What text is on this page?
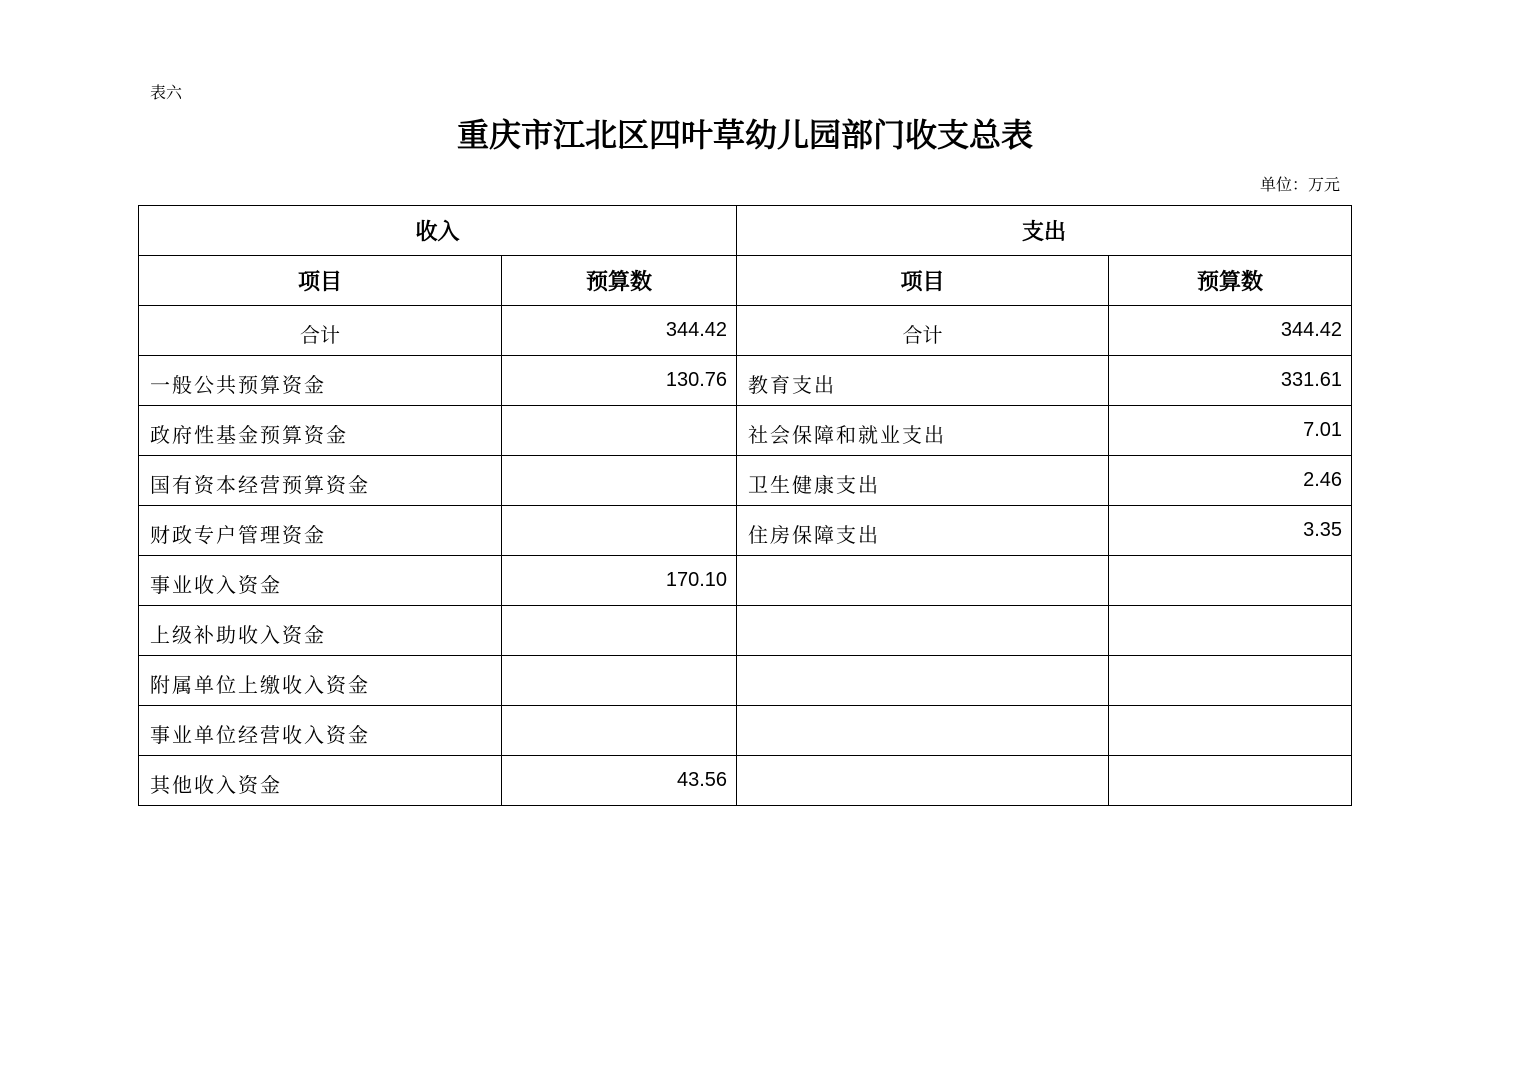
表六
重庆市江北区四叶草幼儿园部门收支总表
单位：万元
收入		支出	
项目	预算数	项目	预算数
合计	344.42	合计	344.42
一般公共预算资金	130.76	教育支出	331.61
政府性基金预算资金		社会保障和就业支出	7.01
国有资本经营预算资金		卫生健康支出	2.46
财政专户管理资金		住房保障支出	3.35
事业收入资金	170.10		
上级补助收入资金			
附属单位上缴收入资金			
事业单位经营收入资金			
其他收入资金	43.56		
